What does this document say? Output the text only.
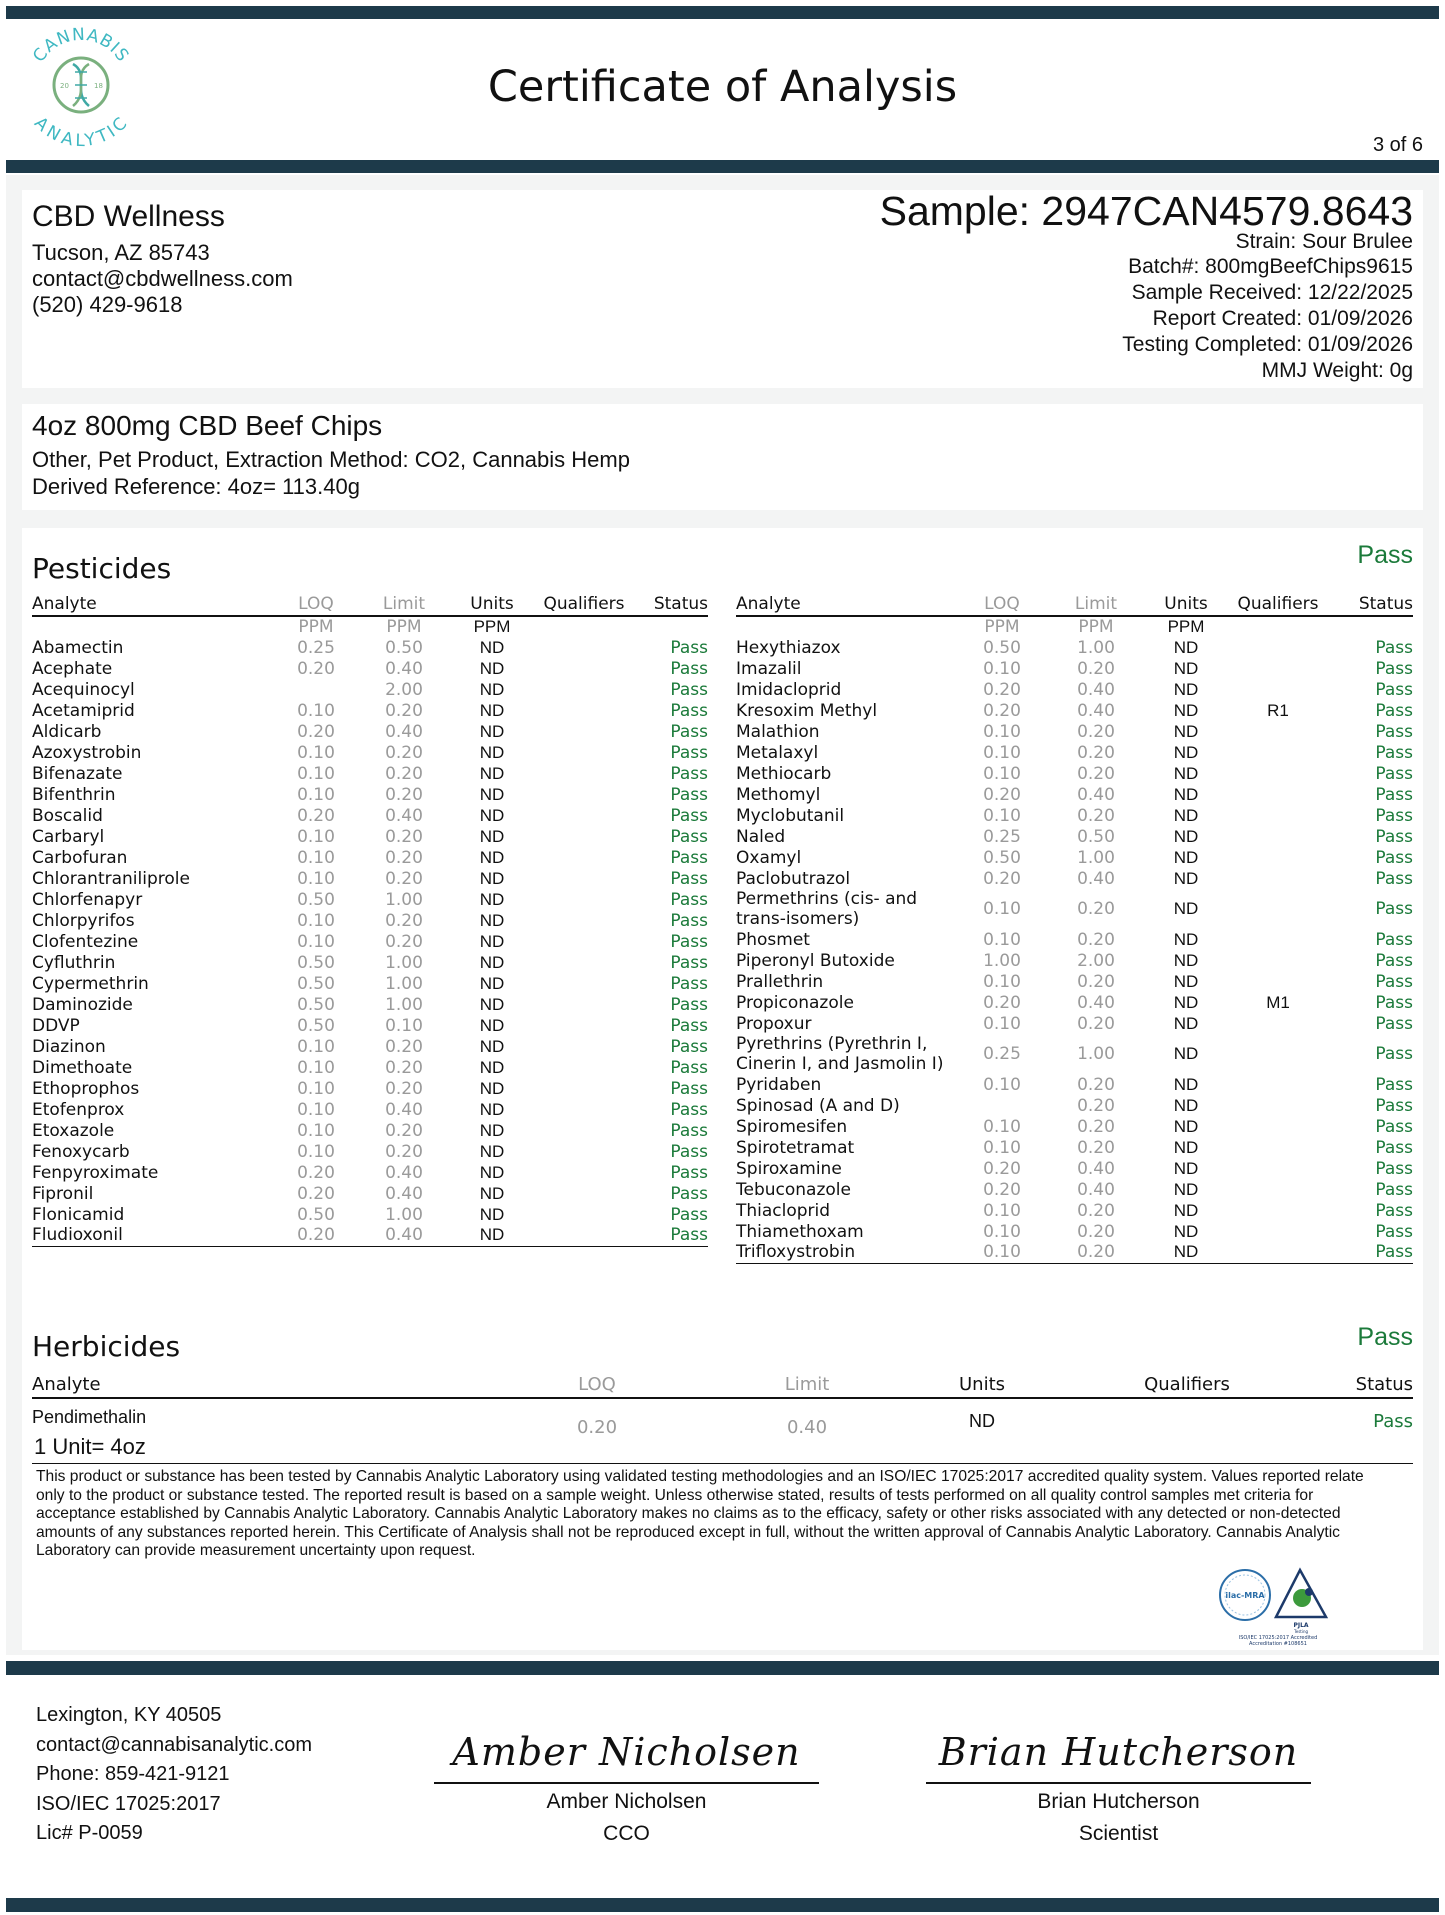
20	18
CANNABIS
ANALYTIC
Certificate of Analysis
3 of 6
CBD Wellness
Tucson, AZ 85743
contact@cbdwellness.com
(520) 429-9618
Sample: 2947CAN4579.8643
Strain: Sour Brulee
Batch#: 800mgBeefChips9615
Sample Received: 12/22/2025
Report Created: 01/09/2026
Testing Completed: 01/09/2026
MMJ Weight: 0g
4oz 800mg CBD Beef Chips
Other, Pet Product, Extraction Method: CO2, Cannabis Hemp
Derived Reference: 4oz= 113.40g
Pesticides	Pass
Analyte	LOQ	Limit	Units	Qualifiers	Status
	PPM	PPM	PPM		
Abamectin	0.25	0.50	ND		Pass
Acephate	0.20	0.40	ND		Pass
Acequinocyl		2.00	ND		Pass
Acetamiprid	0.10	0.20	ND		Pass
Aldicarb	0.20	0.40	ND		Pass
Azoxystrobin	0.10	0.20	ND		Pass
Bifenazate	0.10	0.20	ND		Pass
Bifenthrin	0.10	0.20	ND		Pass
Boscalid	0.20	0.40	ND		Pass
Carbaryl	0.10	0.20	ND		Pass
Carbofuran	0.10	0.20	ND		Pass
Chlorantraniliprole	0.10	0.20	ND		Pass
Chlorfenapyr	0.50	1.00	ND		Pass
Chlorpyrifos	0.10	0.20	ND		Pass
Clofentezine	0.10	0.20	ND		Pass
Cyfluthrin	0.50	1.00	ND		Pass
Cypermethrin	0.50	1.00	ND		Pass
Daminozide	0.50	1.00	ND		Pass
DDVP	0.50	0.10	ND		Pass
Diazinon	0.10	0.20	ND		Pass
Dimethoate	0.10	0.20	ND		Pass
Ethoprophos	0.10	0.20	ND		Pass
Etofenprox	0.10	0.40	ND		Pass
Etoxazole	0.10	0.20	ND		Pass
Fenoxycarb	0.10	0.20	ND		Pass
Fenpyroximate	0.20	0.40	ND		Pass
Fipronil	0.20	0.40	ND		Pass
Flonicamid	0.50	1.00	ND		Pass
Fludioxonil	0.20	0.40	ND		Pass
Analyte	LOQ	Limit	Units	Qualifiers	Status
	PPM	PPM	PPM		
Hexythiazox	0.50	1.00	ND		Pass
Imazalil	0.10	0.20	ND		Pass
Imidacloprid	0.20	0.40	ND		Pass
Kresoxim Methyl	0.20	0.40	ND	R1	Pass
Malathion	0.10	0.20	ND		Pass
Metalaxyl	0.10	0.20	ND		Pass
Methiocarb	0.10	0.20	ND		Pass
Methomyl	0.20	0.40	ND		Pass
Myclobutanil	0.10	0.20	ND		Pass
Naled	0.25	0.50	ND		Pass
Oxamyl	0.50	1.00	ND		Pass
Paclobutrazol	0.20	0.40	ND		Pass
Permethrins (cis- and trans-isomers)	0.10	0.20	ND		Pass
Phosmet	0.10	0.20	ND		Pass
Piperonyl Butoxide	1.00	2.00	ND		Pass
Prallethrin	0.10	0.20	ND		Pass
Propiconazole	0.20	0.40	ND	M1	Pass
Propoxur	0.10	0.20	ND		Pass
Pyrethrins (Pyrethrin I, Cinerin I, and Jasmolin I)	0.25	1.00	ND		Pass
Pyridaben	0.10	0.20	ND		Pass
Spinosad (A and D)		0.20	ND		Pass
Spiromesifen	0.10	0.20	ND		Pass
Spirotetramat	0.10	0.20	ND		Pass
Spiroxamine	0.20	0.40	ND		Pass
Tebuconazole	0.20	0.40	ND		Pass
Thiacloprid	0.10	0.20	ND		Pass
Thiamethoxam	0.10	0.20	ND		Pass
Trifloxystrobin	0.10	0.20	ND		Pass
Herbicides	Pass
Analyte	LOQ	Limit	Units	Qualifiers	Status
Pendimethalin	0.20	0.40	ND		Pass
1 Unit= 4oz
This product or substance has been tested by Cannabis Analytic Laboratory using validated testing methodologies and an ISO/IEC 17025:2017 accredited quality system. Values reported relate only to the product or substance tested. The reported result is based on a sample weight. Unless otherwise stated, results of tests performed on all quality control samples met criteria for acceptance established by Cannabis Analytic Laboratory. Cannabis Analytic Laboratory makes no claims as to the efficacy, safety or other risks associated with any detected or non-detected amounts of any substances reported herein. This Certificate of Analysis shall not be reproduced except in full, without the written approval of Cannabis Analytic Laboratory. Cannabis Analytic Laboratory can provide measurement uncertainty upon request.
ilac-MRA
PJLA
Testing
ISO/IEC 17025:2017 Accredited
Accreditation #108651
Lexington, KY 40505
contact@cannabisanalytic.com
Phone: 859-421-9121
ISO/IEC 17025:2017
Lic# P-0059
Amber Nicholsen
Amber Nicholsen
CCO
Brian Hutcherson
Brian Hutcherson
Scientist
